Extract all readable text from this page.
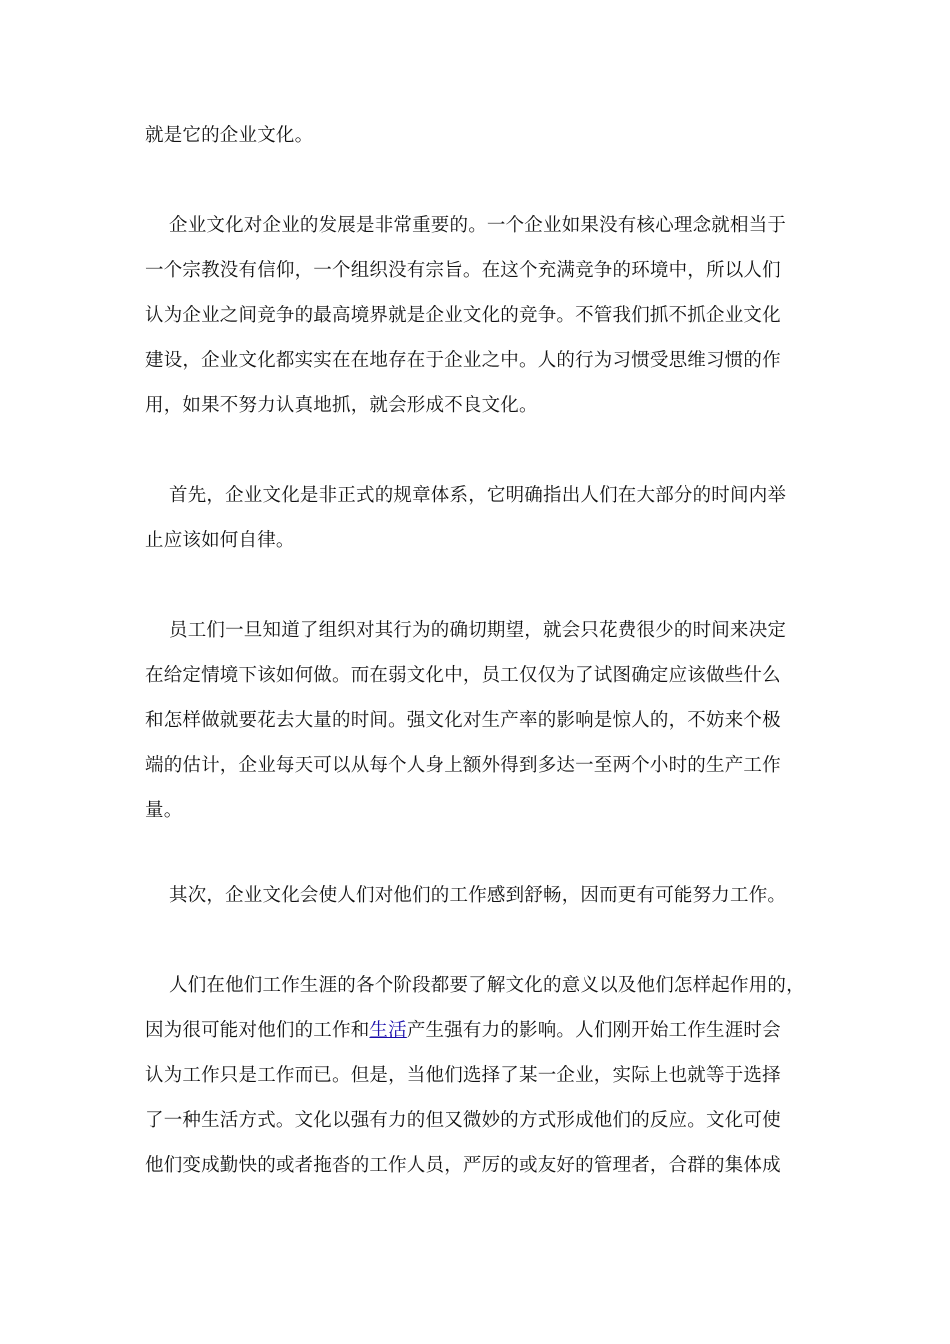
就是它的企业文化。

企业文化对企业的发展是非常重要的。一个企业如果没有核心理念就相当于
一个宗教没有信仰，一个组织没有宗旨。在这个充满竞争的环境中，所以人们
认为企业之间竞争的最高境界就是企业文化的竞争。不管我们抓不抓企业文化
建设，企业文化都实实在在地存在于企业之中。人的行为习惯受思维习惯的作
用，如果不努力认真地抓，就会形成不良文化。

首先，企业文化是非正式的规章体系，它明确指出人们在大部分的时间内举
止应该如何自律。

员工们一旦知道了组织对其行为的确切期望，就会只花费很少的时间来决定
在给定情境下该如何做。而在弱文化中，员工仅仅为了试图确定应该做些什么
和怎样做就要花去大量的时间。强文化对生产率的影响是惊人的，不妨来个极
端的估计，企业每天可以从每个人身上额外得到多达一至两个小时的生产工作
量。

其次，企业文化会使人们对他们的工作感到舒畅，因而更有可能努力工作。

人们在他们工作生涯的各个阶段都要了解文化的意义以及他们怎样起作用的，
因为很可能对他们的工作和生活产生强有力的影响。人们刚开始工作生涯时会
认为工作只是工作而已。但是，当他们选择了某一企业，实际上也就等于选择
了一种生活方式。文化以强有力的但又微妙的方式形成他们的反应。文化可使
他们变成勤快的或者拖沓的工作人员，严厉的或友好的管理者，合群的集体成
